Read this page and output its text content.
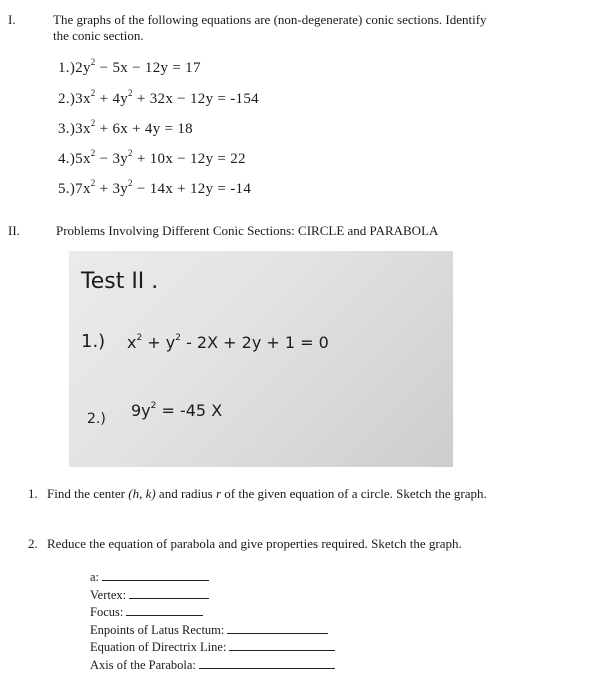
I.	The graphs of the following equations are (non-degenerate) conic sections. Identify
the conic section.
$1.)2y^2 - 5x - 12y = 17$
$2.)3x^2 + 4y^2 + 32x - 12y = -154$
$3.)3x^2 + 6x + 4y = 18$
$4.)5x^2 - 3y^2 + 10x - 12y = 22$
$5.)7x^2 + 3y^2 - 14x + 12y = -14$
II.	Problems Involving Different Conic Sections: CIRCLE and PARABOLA
Test II .
1.) $x^2 + y^2 - 2X + 2y + 1 = 0$
2.) $9y^2 = -45$ X
1. Find the center (h, k) and radius r of the given equation of a circle. Sketch the graph.
2. Reduce the equation of parabola and give properties required. Sketch the graph.
a:
Vertex:
Focus:
Enpoints of Latus Rectum:
Equation of Directrix Line:
Axis of the Parabola:
